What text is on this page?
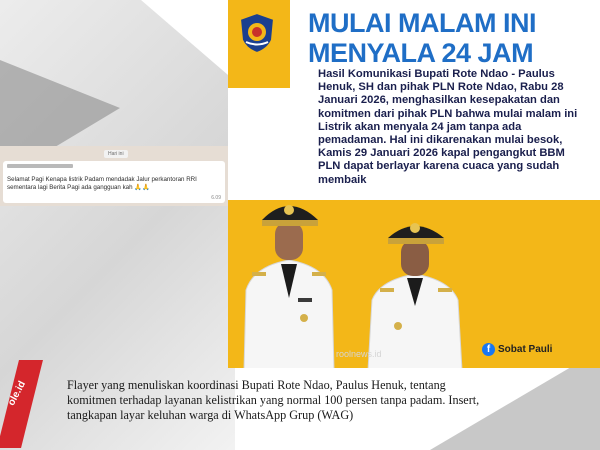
MULAI MALAM INI
MENYALA 24 JAM
Hasil Komunikasi Bupati Rote Ndao - Paulus Henuk, SH dan pihak PLN Rote Ndao, Rabu 28 Januari 2026, menghasilkan kesepakatan dan komitmen dari pihak PLN bahwa mulai malam ini Listrik akan menyala 24 jam tanpa ada pemadaman. Hal ini dikarenakan mulai besok, Kamis 29 Januari 2026 kapal pengangkut BBM PLN dapat berlayar karena cuaca yang sudah membaik
roolnews.id	f Sobat Pauli
Hari ini
Selamat Pagi Kenapa listrik Padam mendadak Jalur perkantoran RRI sementara lagi Berita Pagi ada gangguan kah 🙏🙏
6.09
ole.id	Flayer yang menuliskan koordinasi Bupati Rote Ndao, Paulus Henuk, tentang komitmen terhadap layanan kelistrikan yang normal 100 persen tanpa padam. Insert, tangkapan layar keluhan warga di WhatsApp Grup (WAG)
